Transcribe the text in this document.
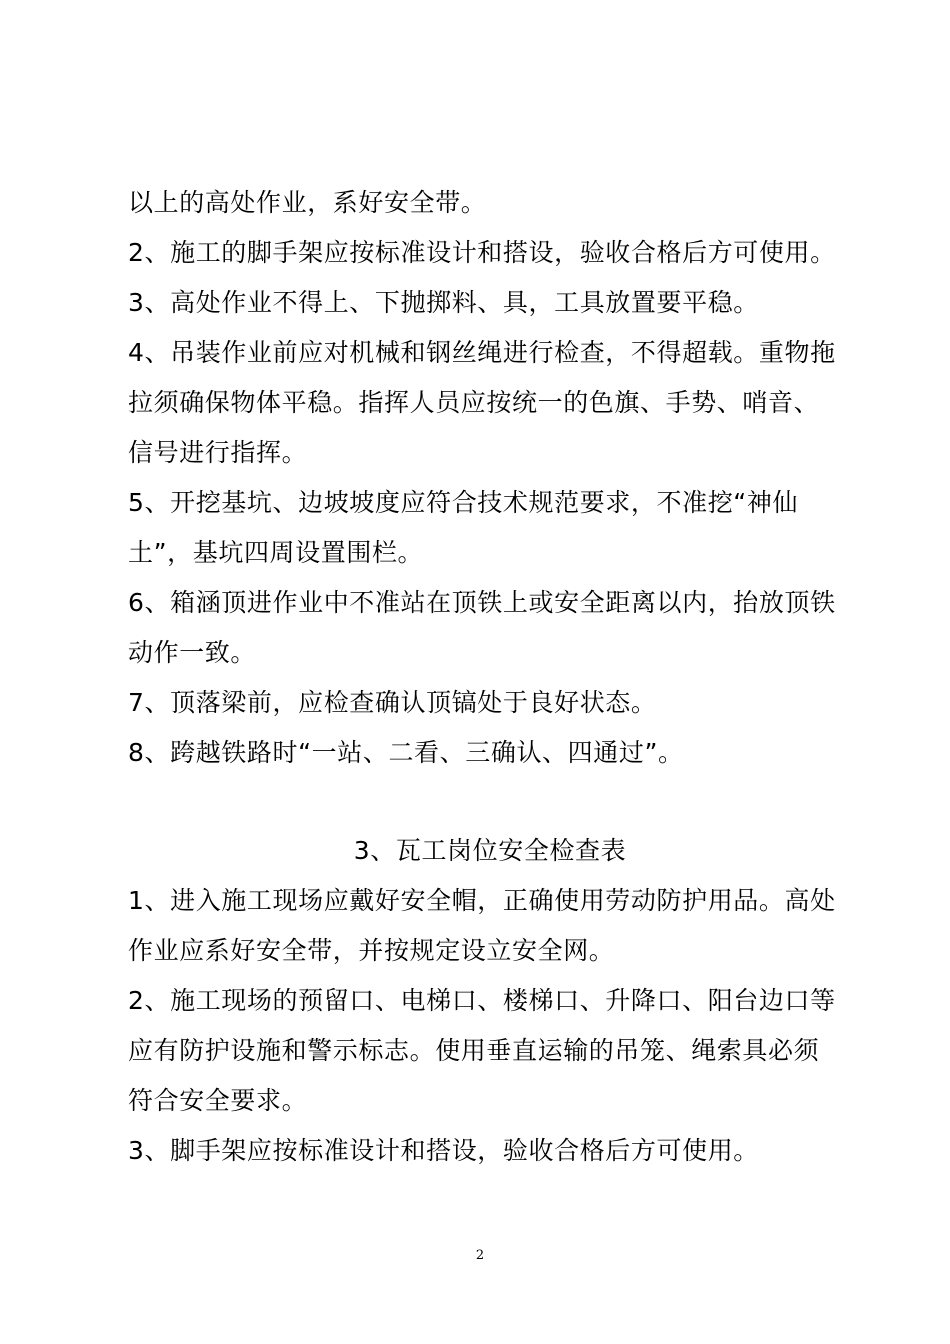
以上的高处作业，系好安全带。
2、施工的脚手架应按标准设计和搭设，验收合格后方可使用。
3、高处作业不得上、下抛掷料、具，工具放置要平稳。
4、吊装作业前应对机械和钢丝绳进行检查，不得超载。重物拖
拉须确保物体平稳。指挥人员应按统一的色旗、手势、哨音、
信号进行指挥。
5、开挖基坑、边坡坡度应符合技术规范要求，不准挖“神仙
土”，基坑四周设置围栏。
6、箱涵顶进作业中不准站在顶铁上或安全距离以内，抬放顶铁
动作一致。
7、顶落梁前，应检查确认顶镐处于良好状态。
8、跨越铁路时“一站、二看、三确认、四通过”。
3、瓦工岗位安全检查表
1、进入施工现场应戴好安全帽，正确使用劳动防护用品。高处
作业应系好安全带，并按规定设立安全网。
2、施工现场的预留口、电梯口、楼梯口、升降口、阳台边口等
应有防护设施和警示标志。使用垂直运输的吊笼、绳索具必须
符合安全要求。
3、脚手架应按标准设计和搭设，验收合格后方可使用。
2
